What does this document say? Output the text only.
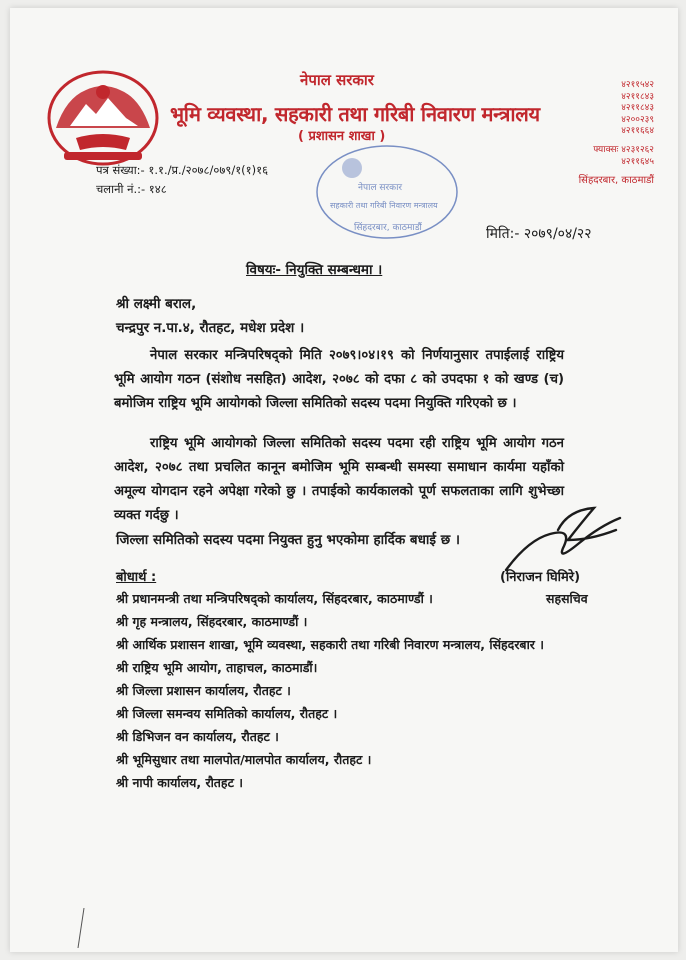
नेपाल सरकार
भूमि व्यवस्था, सहकारी तथा गरिबी निवारण मन्त्रालय
( प्रशासन शाखा )
४२११५४२
४२११८४३
४२११८४३
४२००२३९
४२११६६४
फ्याक्सः ४२३१२६२
४२११६४५
सिंहदरबार, काठमाडौं
पत्र संख्या:- १.१./प्र./२०७८/०७९/१(१)१६
चलानी नं.:- १४८	नेपाल सरकार
सहकारी तथा गरिबी निवारण मन्त्रालय
सिंहदरबार, काठमाडौं	मिति:- २०७९/०४/२२
विषयः- नियुक्ति सम्बन्धमा ।
श्री लक्ष्मी बराल,
चन्द्रपुर न.पा.४, रौतहट, मधेश प्रदेश ।
नेपाल सरकार मन्त्रिपरिषद्को मिति २०७९।०४।१९ को निर्णयानुसार तपाईलाई राष्ट्रिय भूमि आयोग गठन (संशोध नसहित) आदेश, २०७८ को दफा ८ को उपदफा १ को खण्ड (च) बमोजिम राष्ट्रिय भूमि आयोगको जिल्ला समितिको सदस्य पदमा नियुक्ति गरिएको छ ।
राष्ट्रिय भूमि आयोगको जिल्ला समितिको सदस्य पदमा रही राष्ट्रिय भूमि आयोग गठन आदेश, २०७८ तथा प्रचलित कानून बमोजिम भूमि सम्बन्धी समस्या समाधान कार्यमा यहाँको अमूल्य योगदान रहने अपेक्षा गरेको छु । तपाईको कार्यकालको पूर्ण सफलताका लागि शुभेच्छा व्यक्त गर्दछु ।
जिल्ला समितिको सदस्य पदमा नियुक्त हुनु भएकोमा हार्दिक बधाई छ ।
(निराजन घिमिरे)
सहसचिव
बोधार्थ :
श्री प्रधानमन्त्री तथा मन्त्रिपरिषद्को कार्यालय, सिंहदरबार, काठमाण्डौं ।
श्री गृह मन्त्रालय, सिंहदरबार, काठमाण्डौं ।
श्री आर्थिक प्रशासन शाखा, भूमि व्यवस्था, सहकारी तथा गरिबी निवारण मन्त्रालय, सिंहदरबार ।
श्री राष्ट्रिय भूमि आयोग, ताहाचल, काठमाडौं।
श्री जिल्ला प्रशासन कार्यालय, रौतहट ।
श्री जिल्ला समन्वय समितिको कार्यालय, रौतहट ।
श्री डिभिजन वन कार्यालय, रौतहट ।
श्री भूमिसुधार तथा मालपोत/मालपोत कार्यालय, रौतहट ।
श्री नापी कार्यालय, रौतहट ।
